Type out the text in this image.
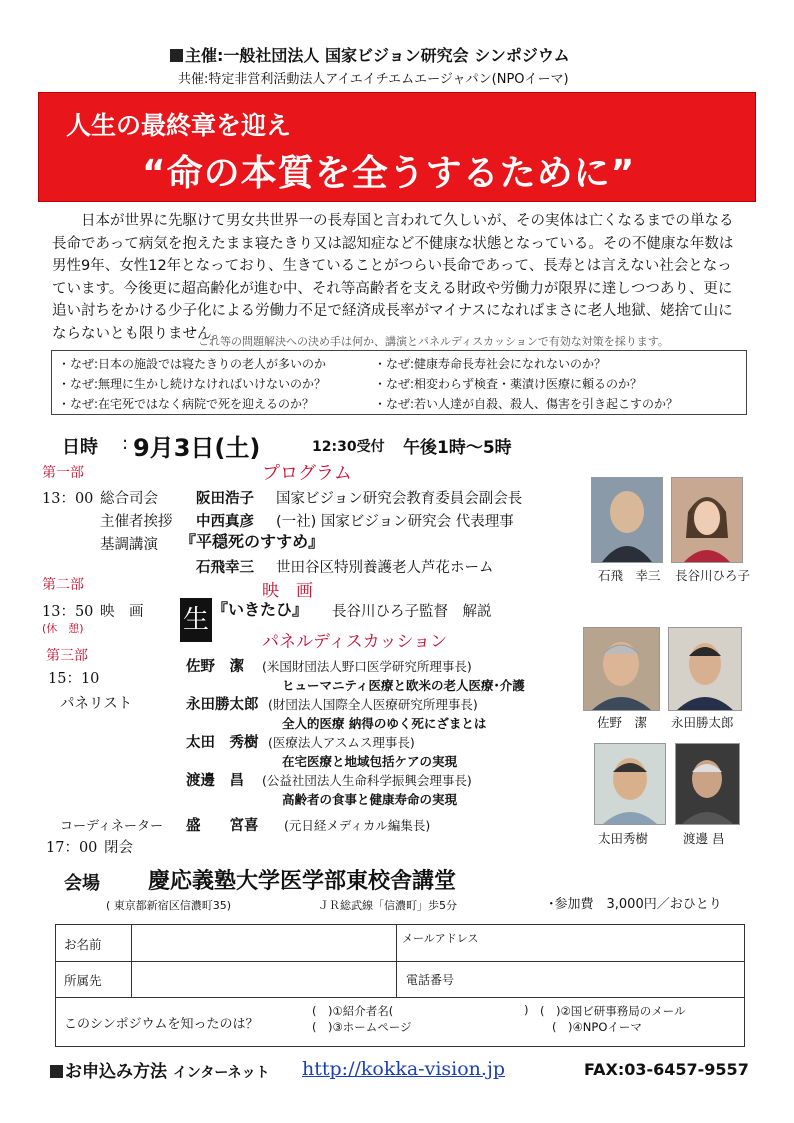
主催:一般社団法人 国家ビジョン研究会 シンポジウム
共催:特定非営利活動法人アイエイチエムエージャパン(NPOイーマ)
人生の最終章を迎え
“命の本質を全うするために”
日本が世界に先駆けて男女共世界一の長寿国と言われて久しいが、その実体は亡くなるまでの単なる長命であって病気を抱えたまま寝たきり又は認知症など不健康な状態となっている。その不健康な年数は男性9年、女性12年となっており、生きていることがつらい長命であって、長寿とは言えない社会となっています。今後更に超高齢化が進む中、それ等高齢者を支える財政や労働力が限界に達しつつあり、更に追い討ちをかける少子化による労働力不足で経済成長率がマイナスになればまさに老人地獄、姥捨て山にならないとも限りません。
これ等の問題解決への決め手は何か、講演とパネルディスカッションで有効な対策を採ります。
・なぜ:日本の施設では寝たきりの老人が多いのか
・なぜ:無理に生かし続けなければいけないのか？
・なぜ:在宅死ではなく病院で死を迎えるのか？
・なぜ:健康寿命長寿社会になれないのか？
・なぜ:相変わらず検査・薬漬け医療に頼るのか？
・なぜ:若い人達が自殺、殺人、傷害を引き起こすのか？
日時 : 9月3日(土)	12:30受付 午後1時～5時
第一部	プログラム
13：00 総合司会	阪田浩子 国家ビジョン研究会教育委員会副会長
主催者挨拶 中西真彦 (一社) 国家ビジョン研究会 代表理事
基調講演 『平穏死のすすめ』
石飛幸三 世田谷区特別養護老人芦花ホーム
第二部	映　画
13：50 映　画
(休　憩)	生 『いきたひ』 長谷川ひろ子監督　解説
パネルディスカッション
第三部
15：10
パネリスト
佐野　潔 (米国財団法人野口医学研究所理事長)
ヒューマニティ医療と欧米の老人医療･介護
永田勝太郎 (財団法人国際全人医療研究所理事長)
全人的医療 納得のゆく死にざまとは
太田　秀樹 (医療法人アスムス理事長)
在宅医療と地域包括ケアの実現
渡邊　昌 (公益社団法人生命科学振興会理事長)
高齢者の食事と健康寿命の実現
コーディネーター 盛　　宮喜 (元日経メディカル編集長)
17：00 閉会
石飛　幸三 長谷川ひろ子
佐野　潔 永田勝太郎
太田秀樹	渡邊 昌
会場 慶応義塾大学医学部東校舎講堂
( 東京都新宿区信濃町35)	ＪＲ総武線「信濃町」歩5分	･参加費　3,000円／おひとり
お名前	メールアドレス
所属先	電話番号
このシンポジウムを知ったのは？
(　)①紹介者名(	) (　)②国ビ研事務局のメール
(　)③ホームページ	(　)④NPOイーマ
お申込み方法 インターネット http://kokka-vision.jp	FAX:03-6457-9557
